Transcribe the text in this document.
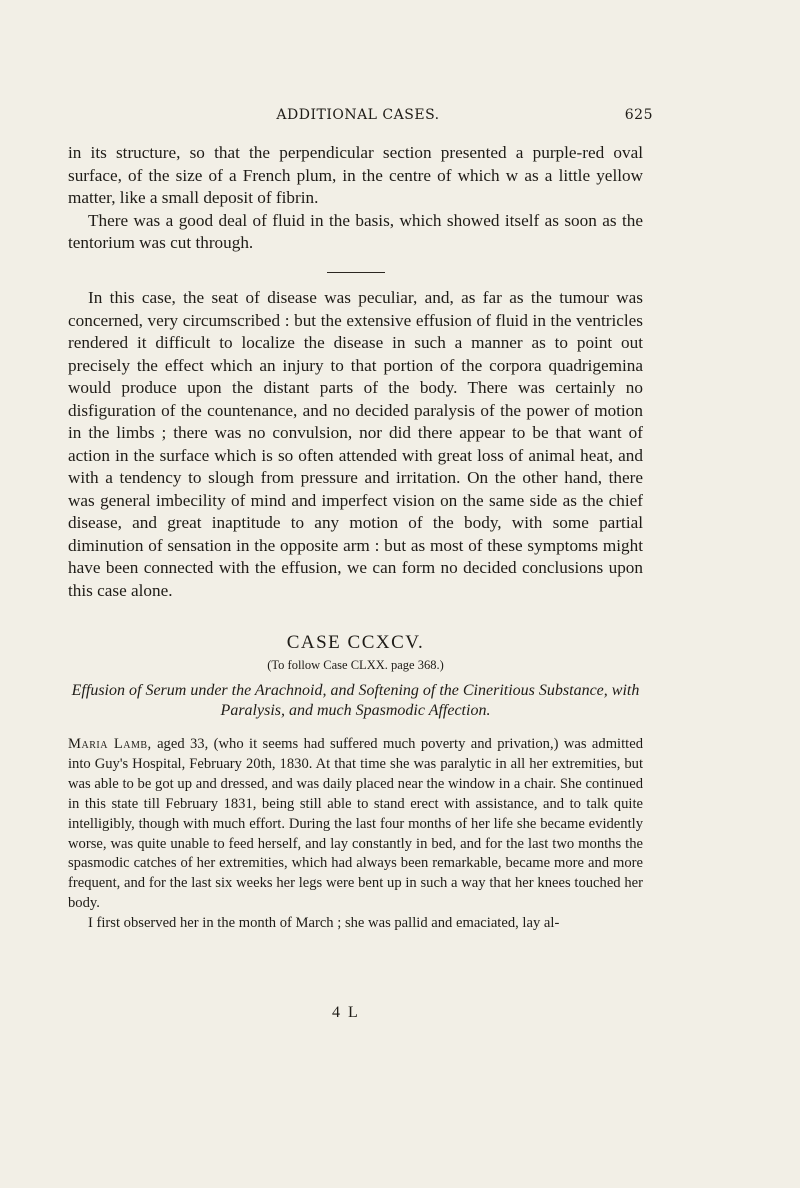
ADDITIONAL CASES.	625

in its structure, so that the perpendicular section presented a purple-red oval surface, of the size of a French plum, in the centre of which w as a little yellow matter, like a small deposit of fibrin.

There was a good deal of fluid in the basis, which showed itself as soon as the tentorium was cut through.

In this case, the seat of disease was peculiar, and, as far as the tumour was concerned, very circumscribed : but the extensive effusion of fluid in the ventricles rendered it difficult to localize the disease in such a manner as to point out precisely the effect which an injury to that portion of the corpora quadrigemina would produce upon the distant parts of the body. There was certainly no disfiguration of the countenance, and no decided paralysis of the power of motion in the limbs ; there was no convulsion, nor did there appear to be that want of action in the surface which is so often attended with great loss of animal heat, and with a tendency to slough from pressure and irritation. On the other hand, there was general imbecility of mind and imperfect vision on the same side as the chief disease, and great inaptitude to any motion of the body, with some partial diminution of sensation in the opposite arm : but as most of these symptoms might have been connected with the effusion, we can form no decided conclusions upon this case alone.

CASE CCXCV.
(To follow Case CLXX. page 368.)
Effusion of Serum under the Arachnoid, and Softening of the Cineritious Substance, with Paralysis, and much Spasmodic Affection.

Maria Lamb, aged 33, (who it seems had suffered much poverty and privation,) was admitted into Guy's Hospital, February 20th, 1830. At that time she was paralytic in all her extremities, but was able to be got up and dressed, and was daily placed near the window in a chair. She continued in this state till February 1831, being still able to stand erect with assistance, and to talk quite intelligibly, though with much effort. During the last four months of her life she became evidently worse, was quite unable to feed herself, and lay constantly in bed, and for the last two months the spasmodic catches of her extremities, which had always been remarkable, became more and more frequent, and for the last six weeks her legs were bent up in such a way that her knees touched her body.

I first observed her in the month of March ; she was pallid and emaciated, lay al-

4 L
